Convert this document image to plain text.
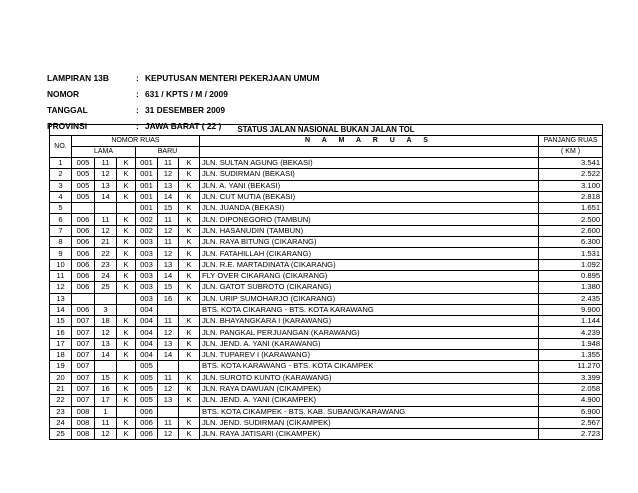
LAMPIRAN 13B	: KEPUTUSAN MENTERI PEKERJAAN UMUM
NOMOR	: 631 / KPTS / M / 2009
TANGGAL	: 31 DESEMBER 2009
PROVINSI	: JAWA BARAT ( 22 )	STATUS JALAN NASIONAL BUKAN JALAN TOL								
NO.	NOMOR RUAS						N A M A R U A S	PANJANG RUAS
	LAMA			BARU				( KM )
1	005	11	K	001	11	K	JLN. SULTAN AGUNG (BEKASI)	3.541
2	005	12	K	001	12	K	JLN. SUDIRMAN (BEKASI)	2.522
3	005	13	K	001	13	K	JLN. A. YANI (BEKASI)	3.100
4	005	14	K	001	14	K	JLN. CUT MUTIA (BEKASI)	2.818
5				001	15	K	JLN. JUANDA (BEKASI)	1.651
6	006	11	K	002	11	K	JLN. DIPONEGORO (TAMBUN)	2.500
7	006	12	K	002	12	K	JLN. HASANUDIN (TAMBUN)	2.600
8	006	21	K	003	11	K	JLN. RAYA BITUNG (CIKARANG)	6.300
9	006	22	K	003	12	K	JLN. FATAHILLAH (CIKARANG)	1.531
10	006	23	K	003	13	K	JLN. R.E. MARTADINATA (CIKARANG)	1.092
11	006	24	K	003	14	K	FLY OVER CIKARANG (CIKARANG)	0.895
12	006	25	K	003	15	K	JLN. GATOT SUBROTO (CIKARANG)	1.380
13				003	16	K	JLN. URIP SUMOHARJO (CIKARANG)	2.435
14	006	3		004			BTS. KOTA CIKARANG - BTS. KOTA KARAWANG	9.900
15	007	18	K	004	11	K	JLN. BHAYANGKARA I (KARAWANG)	1.144
16	007	12	K	004	12	K	JLN. PANGKAL PERJUANGAN (KARAWANG)	4.239
17	007	13	K	004	13	K	JLN. JEND. A. YANI (KARAWANG)	1.948
18	007	14	K	004	14	K	JLN. TUPAREV I (KARAWANG)	1.355
19	007			005			BTS. KOTA KARAWANG - BTS. KOTA CIKAMPEK	11.270
20	007	15	K	005	11	K	JLN. SUROTO KUNTO (KARAWANG)	3.399
21	007	16	K	005	12	K	JLN. RAYA DAWUAN (CIKAMPEK)	2.058
22	007	17	K	005	13	K	JLN. JEND. A. YANI (CIKAMPEK)	4.900
23	008	1		006			BTS. KOTA CIKAMPEK - BTS. KAB. SUBANG/KARAWANG	6.900
24	008	11	K	006	11	K	JLN. JEND. SUDIRMAN (CIKAMPEK)	2.567
25	008	12	K	006	12	K	JLN. RAYA JATISARI (CIKAMPEK)	2.723
